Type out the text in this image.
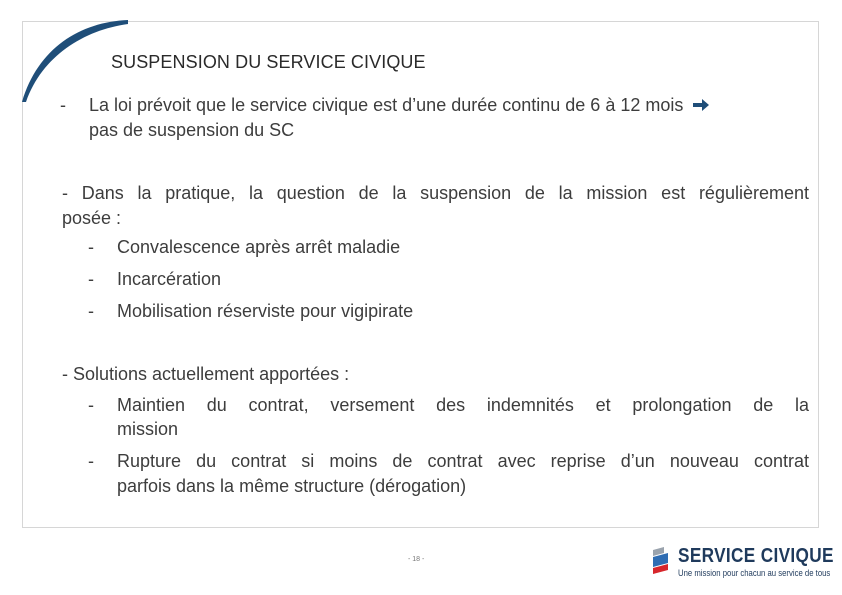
SUSPENSION DU SERVICE CIVIQUE
- La loi prévoit que le service civique est d’une durée continu de 6 à 12 mois
pas de suspension du SC
- Dans la pratique, la question de la suspension de la mission est régulièrement
posée :
- Convalescence après arrêt maladie
- Incarcération
- Mobilisation réserviste pour vigipirate
- Solutions actuellement apportées :
- Maintien du contrat, versement des indemnités et prolongation de la
mission
- Rupture du contrat si moins de contrat avec reprise d’un nouveau contrat
parfois dans la même structure (dérogation)
- 18 -	SERVICE CIVIQUE
Une mission pour chacun au service de tous
